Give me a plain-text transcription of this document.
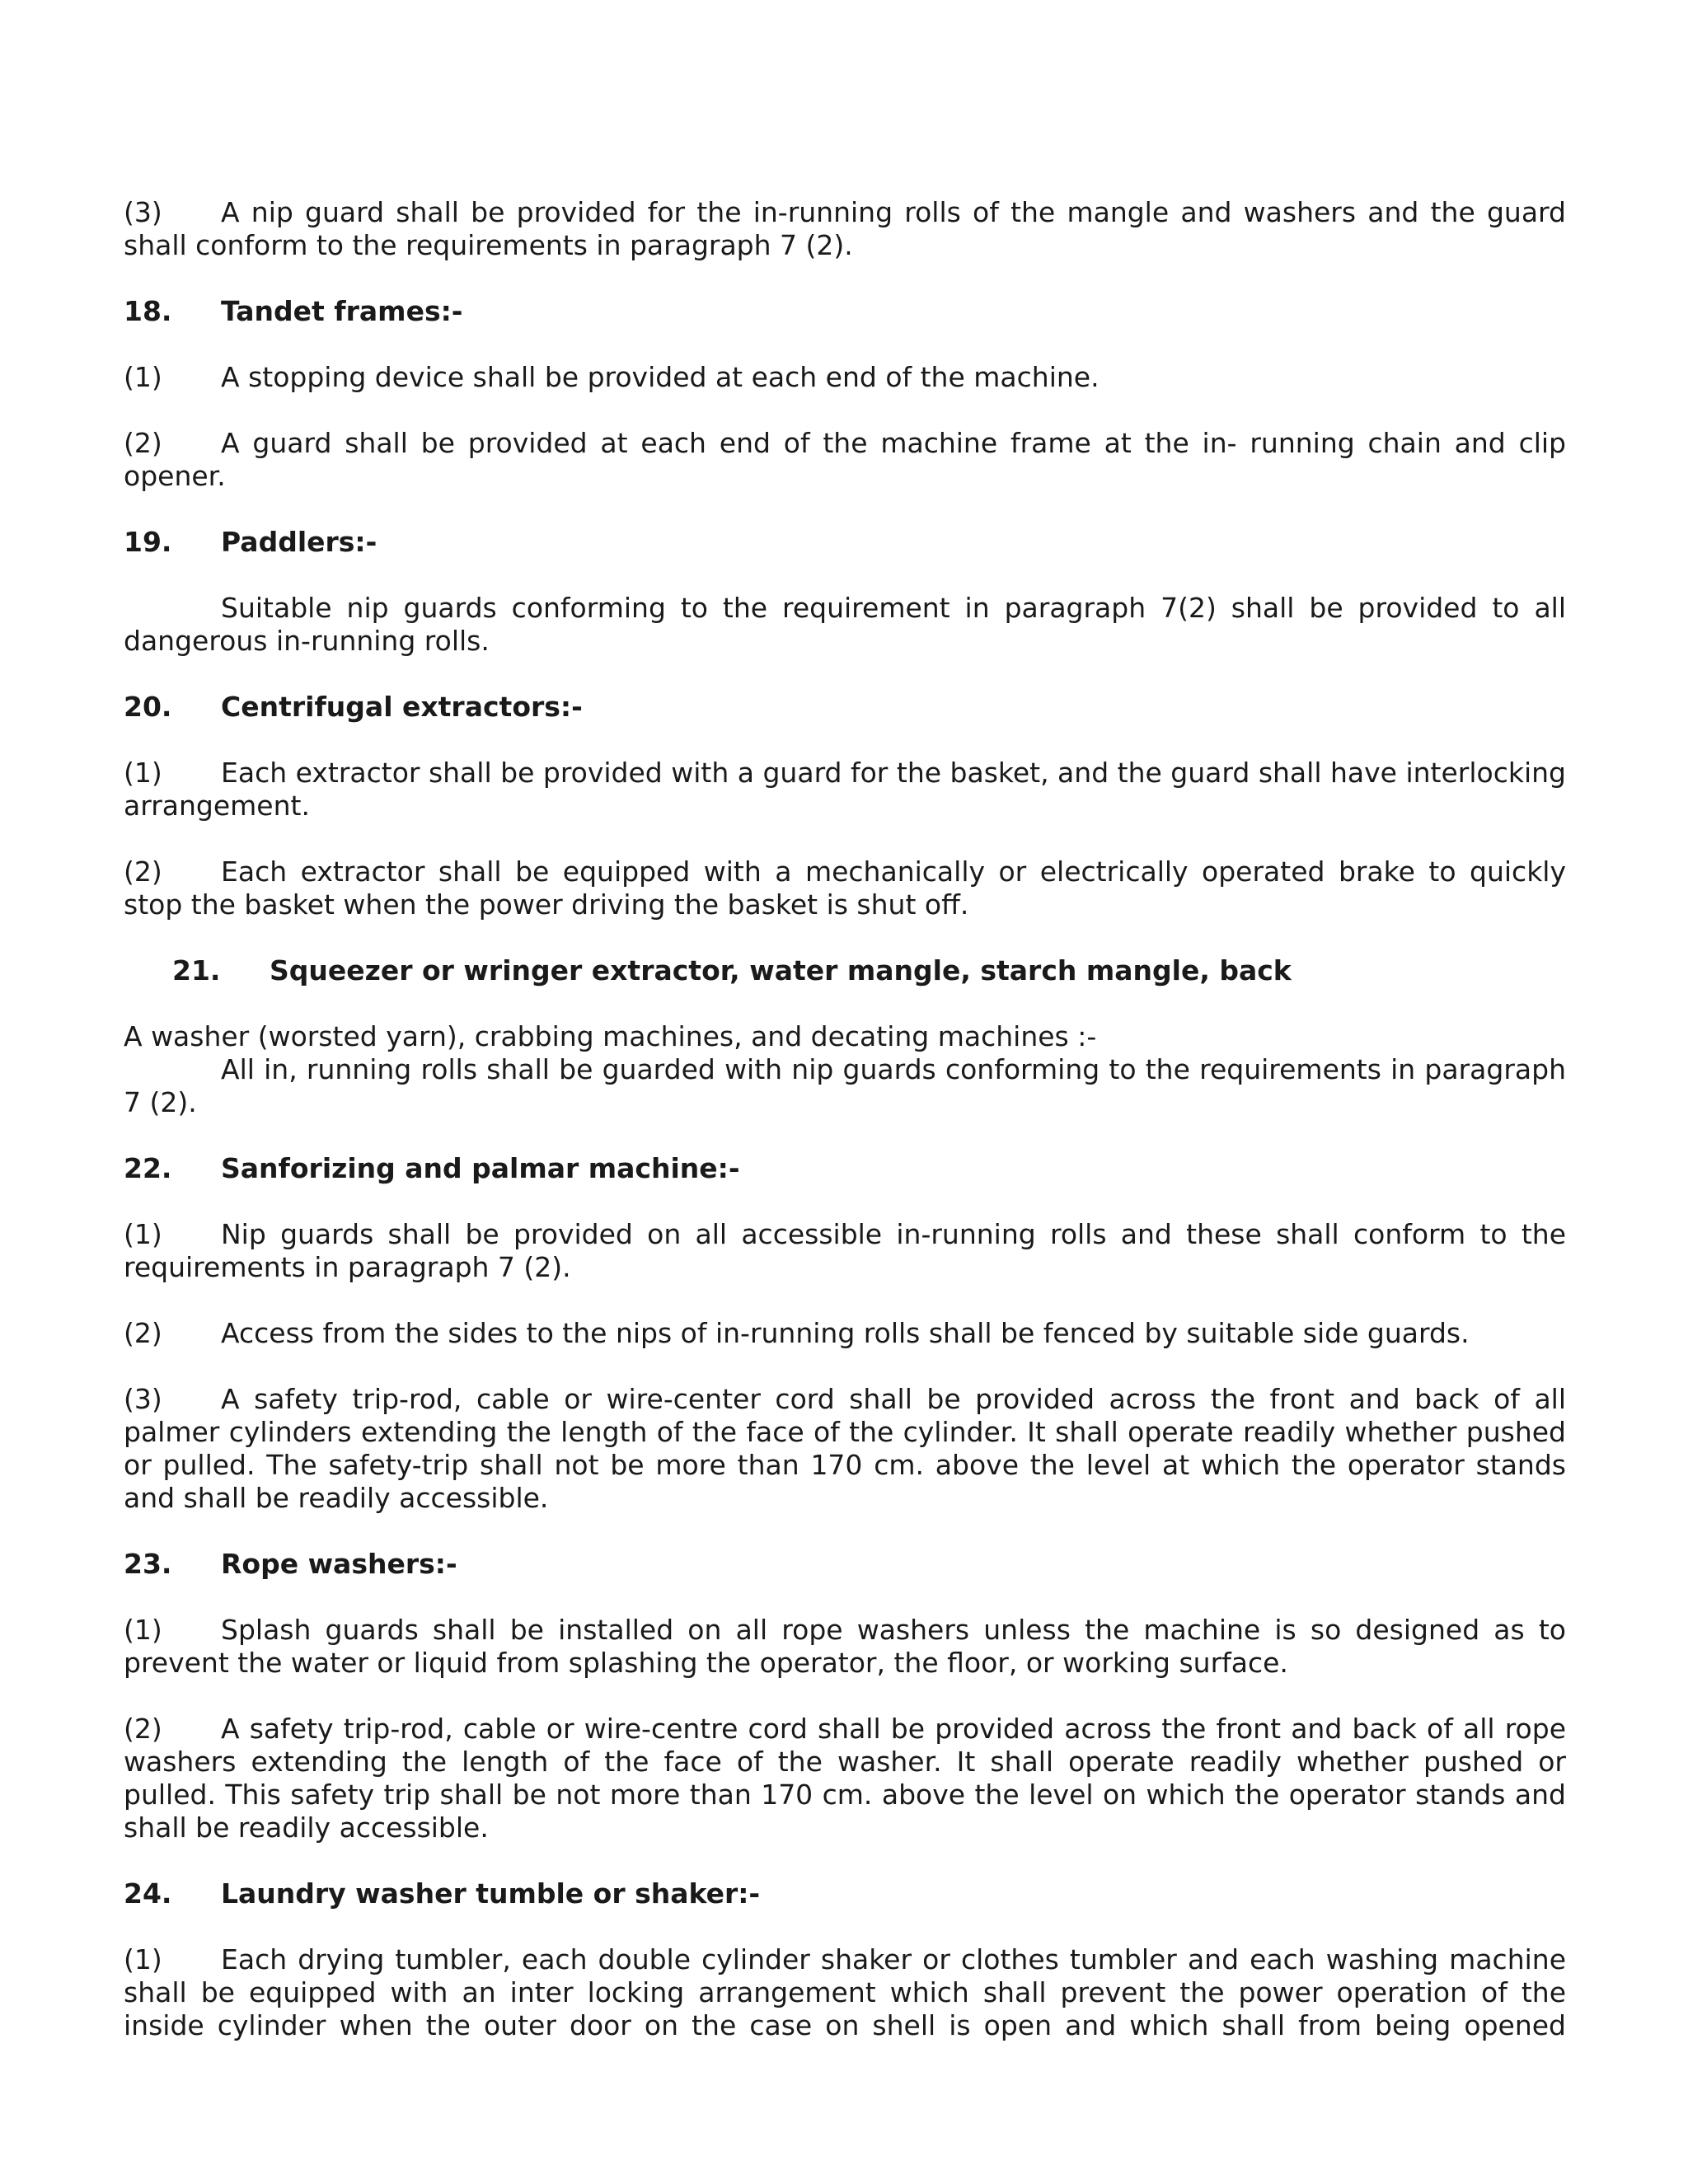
(3) A nip guard shall be provided for the in-running rolls of the mangle and washers and the guard shall conform to the requirements in paragraph 7 (2).

18. Tandet frames:-

(1) A stopping device shall be provided at each end of the machine.

(2) A guard shall be provided at each end of the machine frame at the in- running chain and clip opener.

19. Paddlers:-

Suitable nip guards conforming to the requirement in paragraph 7(2) shall be provided to all dangerous in-running rolls.

20. Centrifugal extractors:-

(1) Each extractor shall be provided with a guard for the basket, and the guard shall have interlocking arrangement.

(2) Each extractor shall be equipped with a mechanically or electrically operated brake to quickly stop the basket when the power driving the basket is shut off.

21. Squeezer or wringer extractor, water mangle, starch mangle, back

A washer (worsted yarn), crabbing machines, and decating machines :-

All in, running rolls shall be guarded with nip guards conforming to the requirements in paragraph 7 (2).

22. Sanforizing and palmar machine:-

(1) Nip guards shall be provided on all accessible in-running rolls and these shall conform to the requirements in paragraph 7 (2).

(2) Access from the sides to the nips of in-running rolls shall be fenced by suitable side guards.

(3) A safety trip-rod, cable or wire-center cord shall be provided across the front and back of all palmer cylinders extending the length of the face of the cylinder. It shall operate readily whether pushed or pulled. The safety-trip shall not be more than 170 cm. above the level at which the operator stands and shall be readily accessible.

23. Rope washers:-

(1) Splash guards shall be installed on all rope washers unless the machine is so designed as to prevent the water or liquid from splashing the operator, the floor, or working surface.

(2) A safety trip-rod, cable or wire-centre cord shall be provided across the front and back of all rope washers extending the length of the face of the washer. It shall operate readily whether pushed or pulled. This safety trip shall be not more than 170 cm. above the level on which the operator stands and shall be readily accessible.

24. Laundry washer tumble or shaker:-

(1) Each drying tumbler, each double cylinder shaker or clothes tumbler and each washing machine shall be equipped with an inter locking arrangement which shall prevent the power operation of the inside cylinder when the outer door on the case on shell is open and which shall from being opened
